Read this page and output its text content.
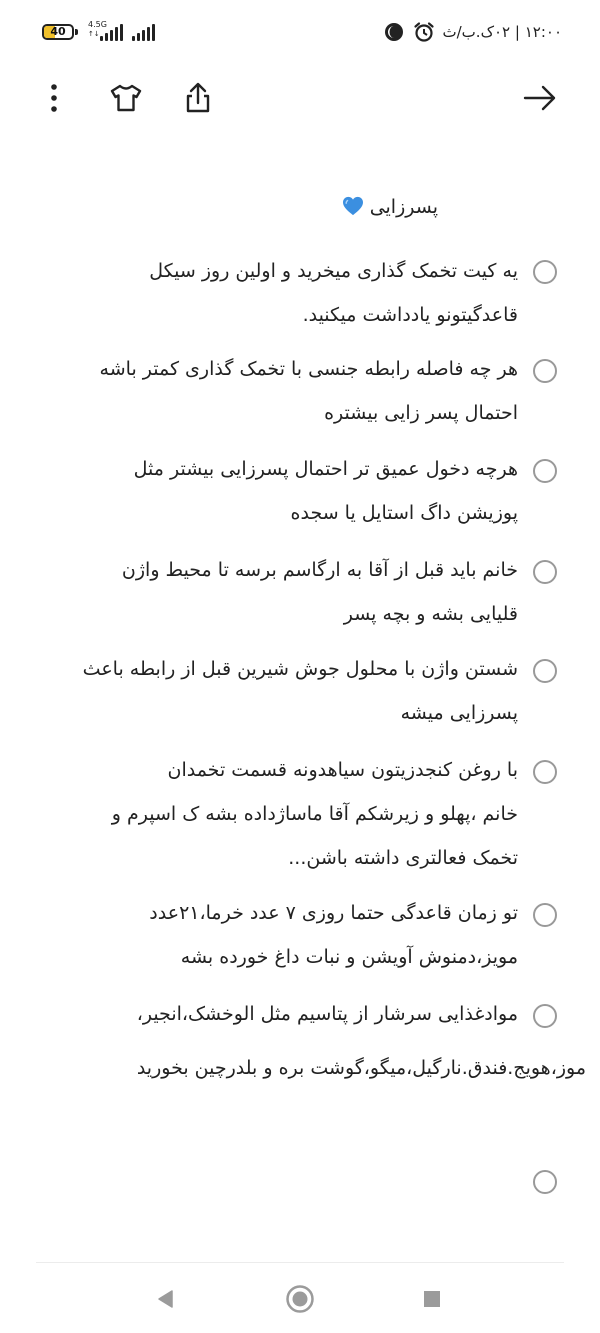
40
4.5G
↑↓	۱۲:۰۰ | ۰۲ک.ب/ث
پسرزایی
یه کیت تخمک گذاری میخرید و اولین روز سیکل
قاعدگیتونو یادداشت میکنید.
هر چه فاصله رابطه جنسی با تخمک گذاری کمتر باشه
احتمال پسر زایی بیشتره
هرچه دخول عمیق تر احتمال پسرزایی بیشتر مثل
پوزیشن داگ استایل یا سجده
خانم باید قبل از آقا به ارگاسم برسه تا محیط واژن
قلیایی بشه و بچه پسر
شستن واژن با محلول جوش شیرین قبل از رابطه باعث
پسرزایی میشه
با روغن کنجدزیتون سیاهدونه قسمت تخمدان
خانم ،پهلو و زیرشکم آقا ماساژداده بشه ک اسپرم و
تخمک فعالتری داشته باشن...
تو زمان قاعدگی حتما روزی ۷ عدد خرما،۲۱عدد
مویز،دمنوش آویشن و نبات داغ خورده بشه
موادغذایی سرشار از پتاسیم مثل الوخشک،انجیر،
موز،هویج.فندق.نارگیل،میگو،گوشت بره و بلدرچین بخورید
